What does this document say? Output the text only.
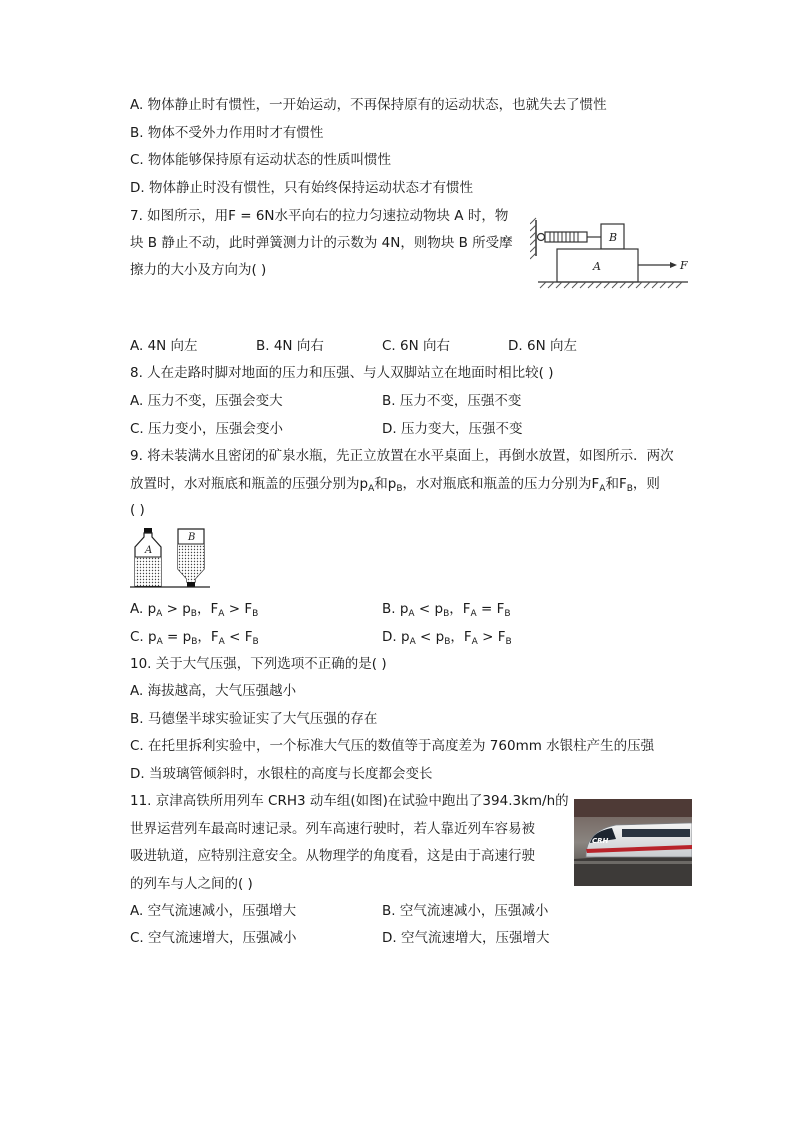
A. 物体静止时有惯性，一开始运动，不再保持原有的运动状态，也就失去了惯性
B. 物体不受外力作用时才有惯性
C. 物体能够保持原有运动状态的性质叫惯性
D. 物体静止时没有惯性，只有始终保持运动状态才有惯性
7. 如图所示，用F = 6N水平向右的拉力匀速拉动物块 A 时，物
块 B 静止不动，此时弹簧测力计的示数为 4N，则物块 B 所受摩
擦力的大小及方向为( )
B
A	F
A. 4N 向左	B. 4N 向右	C. 6N 向右	D. 6N 向左
8. 人在走路时脚对地面的压力和压强、与人双脚站立在地面时相比较( )
A. 压力不变，压强会变大	B. 压力不变，压强不变
C. 压力变小，压强会变小	D. 压力变大，压强不变
9. 将未装满水且密闭的矿泉水瓶，先正立放置在水平桌面上，再倒水放置，如图所示．两次
放置时，水对瓶底和瓶盖的压强分别为$p_A$和$p_B$，水对瓶底和瓶盖的压力分别为$F_A$和$F_B$，则
( )
A
B
A. $p_A > p_B$，$F_A > F_B$	B. $p_A < p_B$，$F_A = F_B$
C. $p_A = p_B$，$F_A < F_B$	D. $p_A < p_B$，$F_A > F_B$
10. 关于大气压强，下列选项不正确的是( )
A. 海拔越高，大气压强越小
B. 马德堡半球实验证实了大气压强的存在
C. 在托里拆利实验中，一个标准大气压的数值等于高度差为 760mm 水银柱产生的压强
D. 当玻璃管倾斜时，水银柱的高度与长度都会变长
11. 京津高铁所用列车 CRH3 动车组(如图)在试验中跑出了394.3km/h的
世界运营列车最高时速记录。列车高速行驶时，若人靠近列车容易被
吸进轨道，应特别注意安全。从物理学的角度看，这是由于高速行驶
的列车与人之间的( )
CRH
A. 空气流速减小，压强增大	B. 空气流速减小，压强减小
C. 空气流速增大，压强减小	D. 空气流速增大，压强增大
